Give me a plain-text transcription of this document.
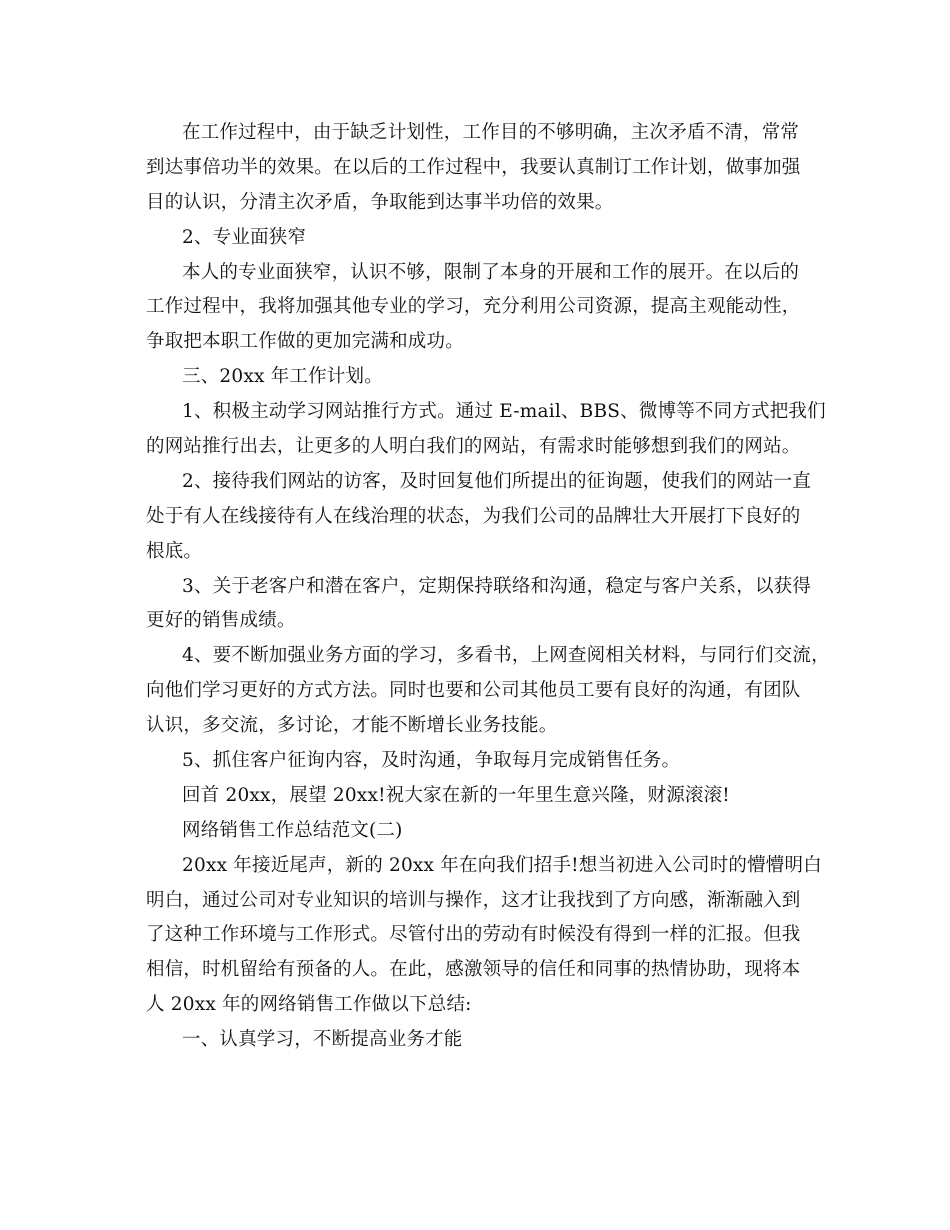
在工作过程中，由于缺乏计划性，工作目的不够明确，主次矛盾不清，常常
到达事倍功半的效果。在以后的工作过程中，我要认真制订工作计划，做事加强
目的认识，分清主次矛盾，争取能到达事半功倍的效果。
2、专业面狭窄
本人的专业面狭窄，认识不够，限制了本身的开展和工作的展开。在以后的
工作过程中，我将加强其他专业的学习，充分利用公司资源，提高主观能动性，
争取把本职工作做的更加完满和成功。
三、20xx 年工作计划。
1、积极主动学习网站推行方式。通过 E-mail、BBS、微博等不同方式把我们
的网站推行出去，让更多的人明白我们的网站，有需求时能够想到我们的网站。
2、接待我们网站的访客，及时回复他们所提出的征询题，使我们的网站一直
处于有人在线接待有人在线治理的状态，为我们公司的品牌壮大开展打下良好的
根底。
3、关于老客户和潜在客户，定期保持联络和沟通，稳定与客户关系，以获得
更好的销售成绩。
4、要不断加强业务方面的学习，多看书，上网查阅相关材料，与同行们交流，
向他们学习更好的方式方法。同时也要和公司其他员工要有良好的沟通，有团队
认识，多交流，多讨论，才能不断增长业务技能。
5、抓住客户征询内容，及时沟通，争取每月完成销售任务。
回首 20xx，展望 20xx!祝大家在新的一年里生意兴隆，财源滚滚!
网络销售工作总结范文(二)
20xx 年接近尾声，新的 20xx 年在向我们招手!想当初进入公司时的懵懵明白
明白，通过公司对专业知识的培训与操作，这才让我找到了方向感，渐渐融入到
了这种工作环境与工作形式。尽管付出的劳动有时候没有得到一样的汇报。但我
相信，时机留给有预备的人。在此，感激领导的信任和同事的热情协助，现将本
人 20xx 年的网络销售工作做以下总结:
一、认真学习，不断提高业务才能
